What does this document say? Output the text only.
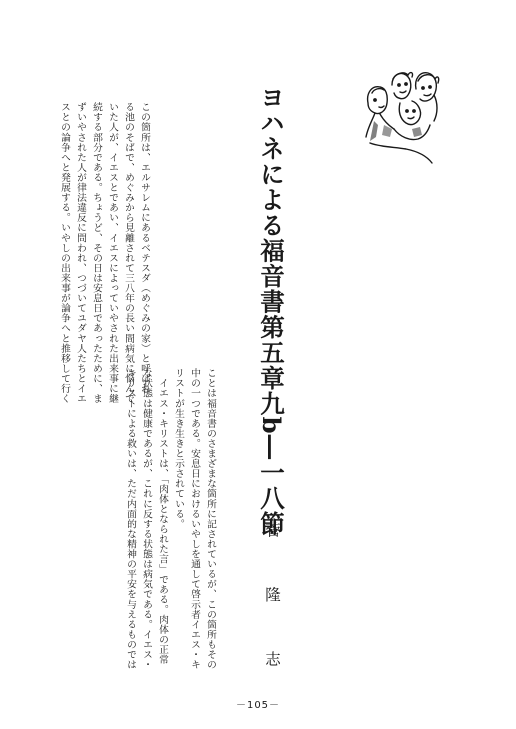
ヨハネによる福音書第五章九b―一八節
菅 隆 志
この箇所は、エルサレムにあるベテスダ（めぐみの家）と呼ばれ
る池のそばで、めぐみから見離されて三八年の長い間病気に悩んで
いた人が、イエスとであい、イエスによっていやされた出来事に継
続する部分である。ちょうど、その日は安息日であったために、ま
ずいやされた人が律法違反に問われ、つづいてユダヤ人たちとイエ
スとの論争へと発展する。いやしの出来事が論争へと推移して行く
ことは福音書のさまざまな箇所に記されているが、この箇所もその
中の一つである。安息日におけるいやしを通して啓示者イエス・キ
リストが生き生きと示されている。
　イエス・キリストは、「肉体となられた言」である。肉体の正常
な状態は健康であるが、これに反する状態は病気である。イエス・
キリストによる救いは、ただ内面的な精神の平安を与えるものでは
－105－
